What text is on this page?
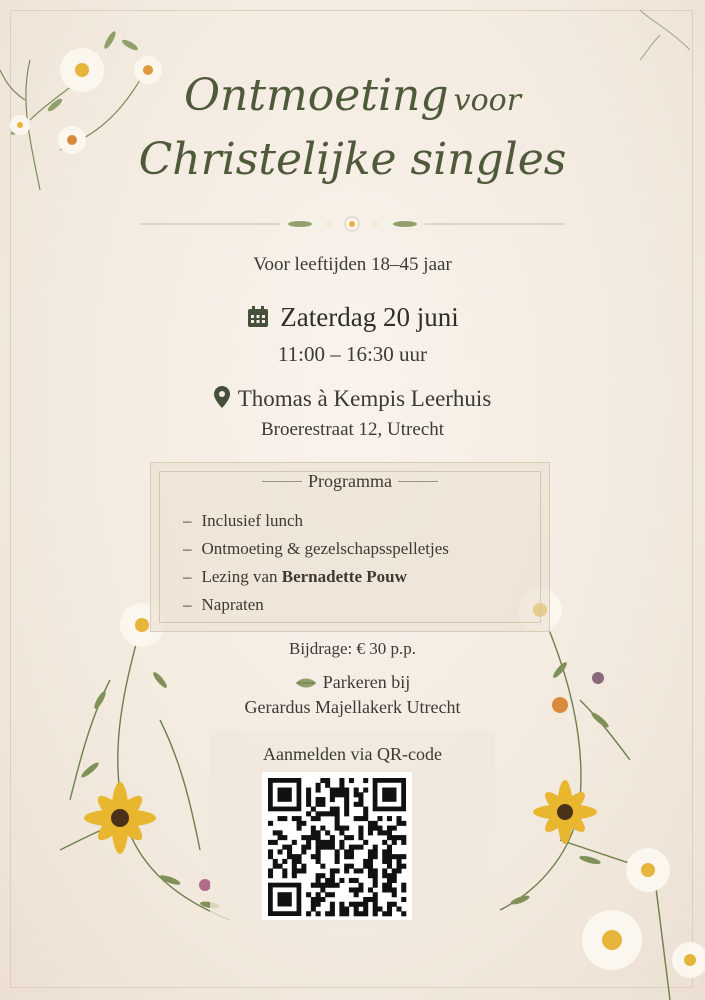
Ontmoeting voor
Christelijke singles
Voor leeftijden 18–45 jaar
Zaterdag 20 juni
11:00 – 16:30 uur
Thomas à Kempis Leerhuis
Broerestraat 12, Utrecht
Programma
– Inclusief lunch
– Ontmoeting & gezelschapsspelletjes
– Lezing van Bernadette Pouw
– Napraten
Bijdrage: € 30 p.p.
Parkeren bij
Gerardus Majellakerk Utrecht
Aanmelden via QR-code
